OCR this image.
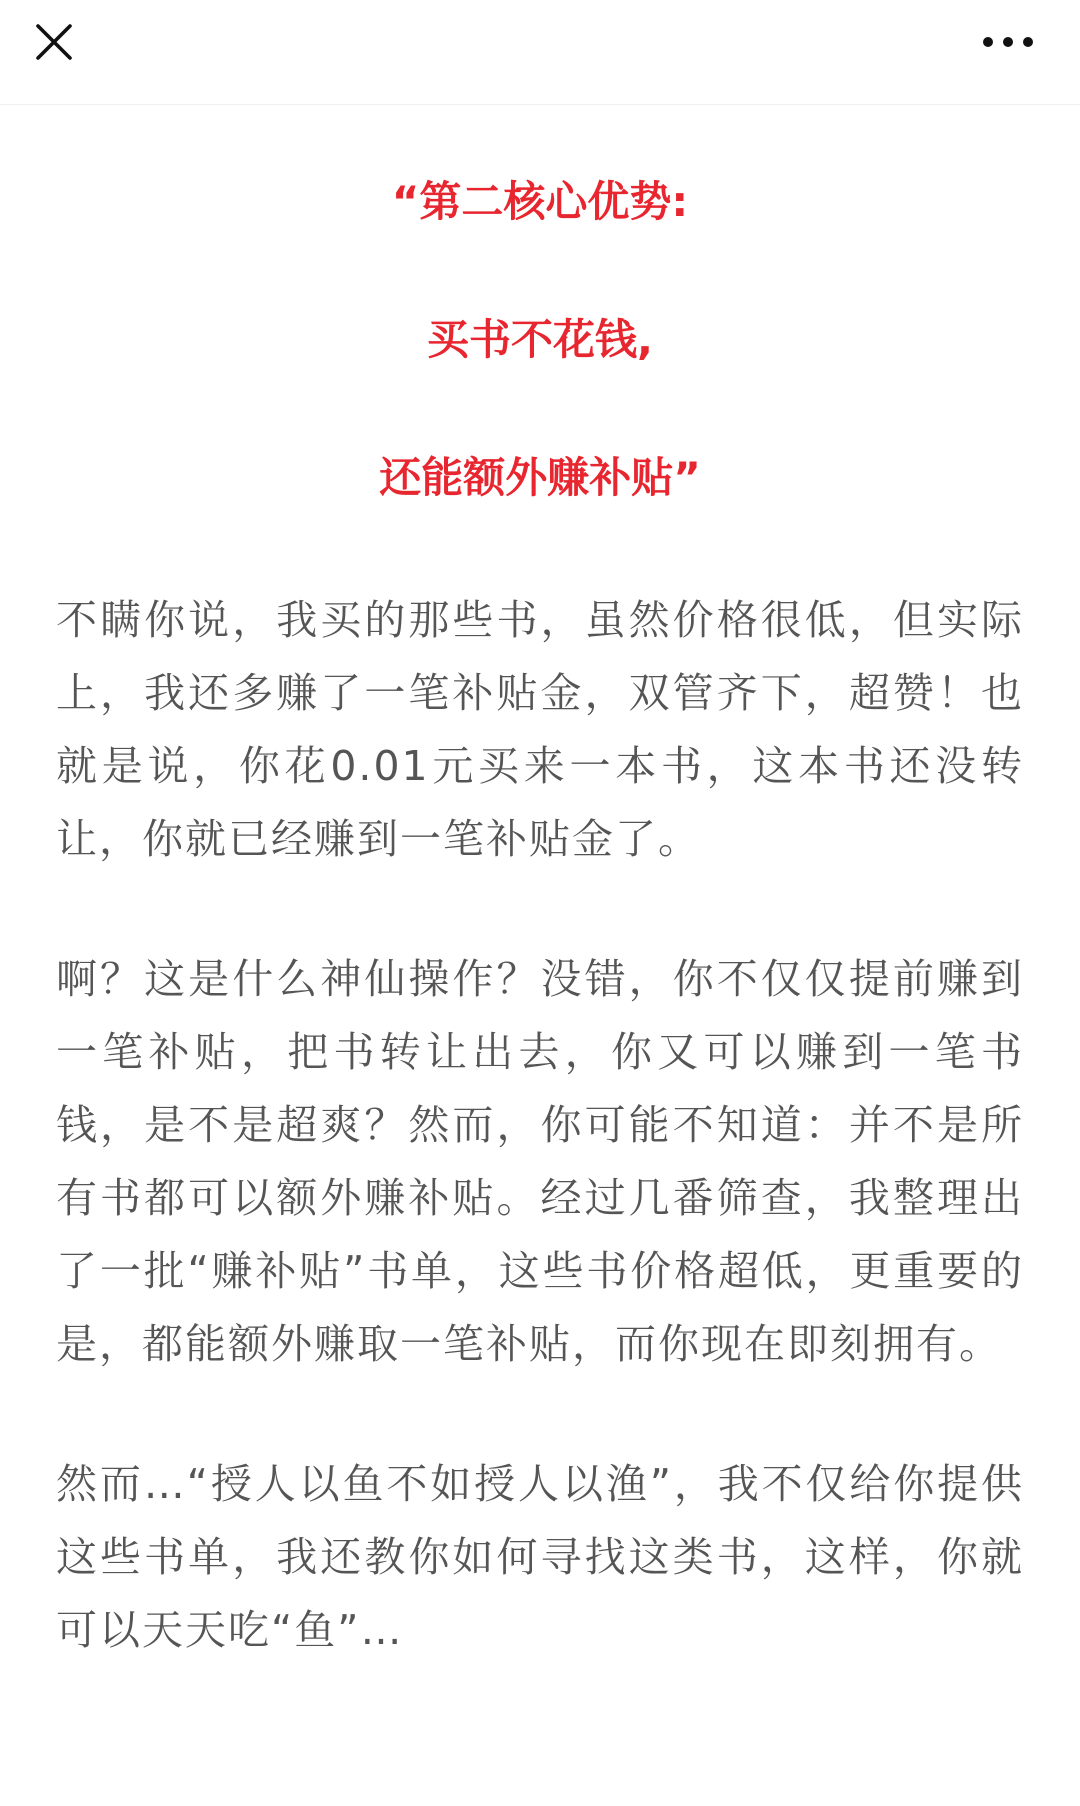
“第二核心优势:

买书不花钱,

还能额外赚补贴”

不瞒你说，我买的那些书，虽然价格很低，但实际上，我还多赚了一笔补贴金，双管齐下，超赞！也就是说，你花0.01元买来一本书，这本书还没转让，你就已经赚到一笔补贴金了。

啊？这是什么神仙操作？没错，你不仅仅提前赚到一笔补贴，把书转让出去，你又可以赚到一笔书钱，是不是超爽？然而，你可能不知道：并不是所有书都可以额外赚补贴。经过几番筛查，我整理出了一批“赚补贴”书单，这些书价格超低，更重要的是，都能额外赚取一笔补贴，而你现在即刻拥有。

然而…“授人以鱼不如授人以渔”，我不仅给你提供这些书单，我还教你如何寻找这类书，这样，你就可以天天吃“鱼”…
